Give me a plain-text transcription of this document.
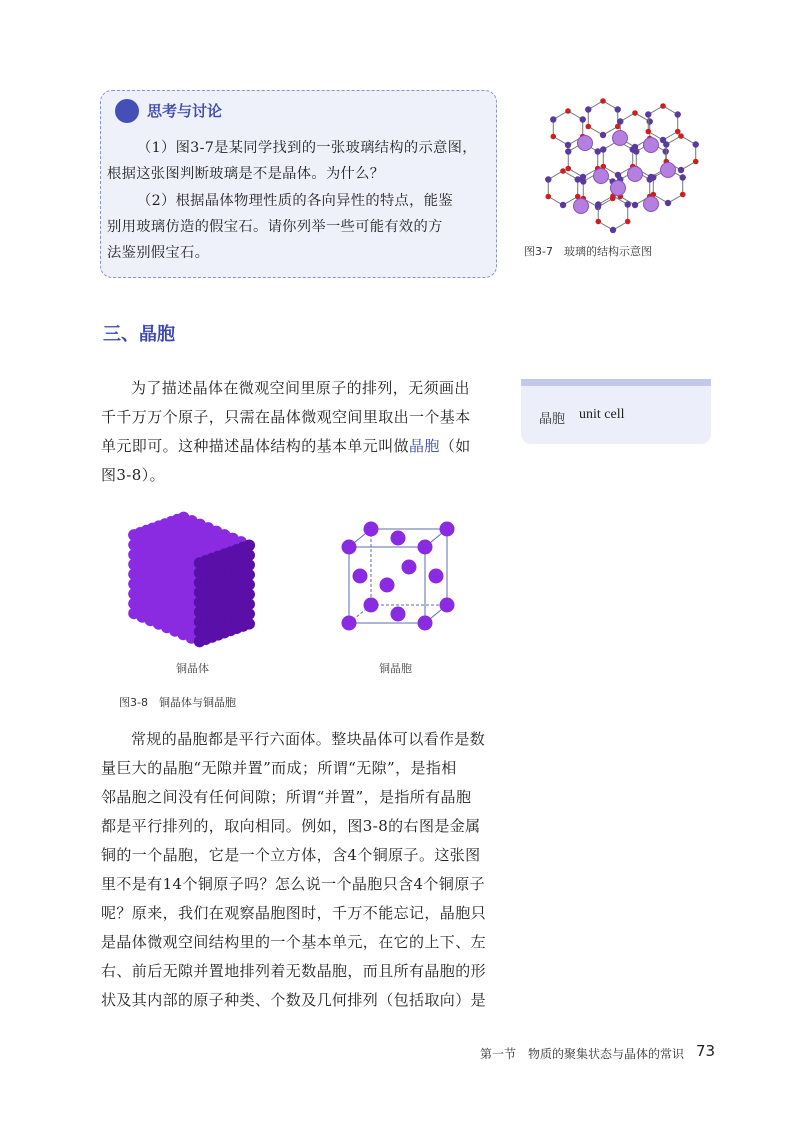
思考与讨论

（1）图3-7是某同学找到的一张玻璃结构的示意图，
根据这张图判断玻璃是不是晶体。为什么？

（2）根据晶体物理性质的各向异性的特点，能鉴
别用玻璃仿造的假宝石。请你列举一些可能有效的方
法鉴别假宝石。	图3-7　玻璃的结构示意图
三、晶胞

为了描述晶体在微观空间里原子的排列，无须画出
千千万万个原子，只需在晶体微观空间里取出一个基本
单元即可。这种描述晶体结构的基本单元叫做晶胞（如
图3-8）。

晶胞 unit cell
铜晶体	铜晶胞
图3-8　铜晶体与铜晶胞

常规的晶胞都是平行六面体。整块晶体可以看作是数
量巨大的晶胞“无隙并置”而成；所谓“无隙”，是指相
邻晶胞之间没有任何间隙；所谓“并置”，是指所有晶胞
都是平行排列的，取向相同。例如，图3-8的右图是金属
铜的一个晶胞，它是一个立方体，含4个铜原子。这张图
里不是有14个铜原子吗？怎么说一个晶胞只含4个铜原子
呢？原来，我们在观察晶胞图时，千万不能忘记，晶胞只
是晶体微观空间结构里的一个基本单元，在它的上下、左
右、前后无隙并置地排列着无数晶胞，而且所有晶胞的形
状及其内部的原子种类、个数及几何排列（包括取向）是

第一节　物质的聚集状态与晶体的常识 73
